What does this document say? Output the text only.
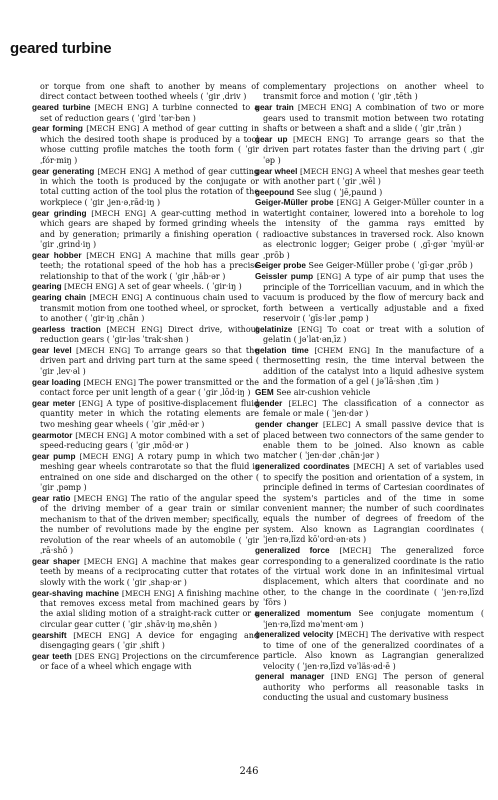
geared turbine
or torque from one shaft to another by means of direct contact between toothed wheels ( ˈgir ˌdriv )
geared turbine [MECH ENG] A turbine connected to a set of reduction gears ( ˈgird ˈtər·bən )
gear forming [MECH ENG] A method of gear cutting in which the desired tooth shape is produced by a tool whose cutting profile matches the tooth form ( ˈgir ˌfór·miŋ )
gear generating [MECH ENG] A method of gear cutting in which the tooth is produced by the conjugate or total cutting action of the tool plus the rotation of the workpiece ( ˈgir ˌjen·əˌrād·iŋ )
gear grinding [MECH ENG] A gear-cutting method in which gears are shaped by formed grinding wheels and by generation; primarily a finishing operation ( ˈgir ˌgrind·iŋ )
gear hobber [MECH ENG] A machine that mills gear teeth; the rotational speed of the hob has a precise relationship to that of the work ( ˈgir ˌhäb·ər )
gearing [MECH ENG] A set of gear wheels. ( ˈgir·iŋ )
gearing chain [MECH ENG] A continuous chain used to transmit motion from one toothed wheel, or sprocket, to another ( ˈgir·iŋ ˌchān )
gearless traction [MECH ENG] Direct drive, without reduction gears ( ˈgir·ləs ˈtrak·shən )
gear level [MECH ENG] To arrange gears so that the driven part and driving part turn at the same speed ( ˈgir ˌlev·əl )
gear loading [MECH ENG] The power transmitted or the contact force per unit length of a gear ( ˈgir ˌlōd·iŋ )
gear meter [ENG] A type of positive-displacement fluid quantity meter in which the rotating elements are two meshing gear wheels ( ˈgir ˌmēd·ər )
gearmotor [MECH ENG] A motor combined with a set of speed-reducing gears ( ˈgir ˌmōd·ər )
gear pump [MECH ENG] A rotary pump in which two meshing gear wheels contrarotate so that the fluid is entrained on one side and discharged on the other ( ˈgir ˌpəmp )
gear ratio [MECH ENG] The ratio of the angular speed of the driving member of a gear train or similar mechanism to that of the driven member; specifically, the number of revolutions made by the engine per revolution of the rear wheels of an automobile ( ˈgir ˌrā·shō )
gear shaper [MECH ENG] A machine that makes gear teeth by means of a reciprocating cutter that rotates slowly with the work ( ˈgir ˌshap·ər )
gear-shaving machine [MECH ENG] A finishing machine that removes excess metal from machined gears by the axial sliding motion of a straight-rack cutter or a circular gear cutter ( ˈgir ˌshāv·iŋ məˌshēn )
gearshift [MECH ENG] A device for engaging and disengaging gears ( ˈgir ˌshift )
gear teeth [DES ENG] Projections on the circumference or face of a wheel which engage with
complementary projections on another wheel to transmit force and motion ( ˈgir ˌtēth )
gear train [MECH ENG] A combination of two or more gears used to transmit motion between two rotating shafts or between a shaft and a slide ( ˈgir ˌtrān )
gear up [MECH ENG] To arrange gears so that the driven part rotates faster than the driving part ( ˌgir ˈəp )
gear wheel [MECH ENG] A wheel that meshes gear teeth with another part ( ˈgir ˌwēl )
geepound See slug ( ˈjē,paund )
Geiger-Müller probe [ENG] A Geiger-Müller counter in a watertight container, lowered into a borehole to log the intensity of the gamma rays emitted by radioactive substances in traversed rock. Also known as electronic logger; Geiger probe ( ˌgī·gər ˈmyül·ər ˌprōb )
Geiger probe See Geiger-Müller probe ( ˈgī·gər ˌprōb )
Geissler pump [ENG] A type of air pump that uses the principle of the Torricellian vacuum, and in which the vacuum is produced by the flow of mercury back and forth between a vertically adjustable and a fixed reservoir ( ˈgīs·lər ˌpəmp )
gelatinize [ENG] To coat or treat with a solution of gelatin ( jəˈlat·ənˌīz )
gelation time [CHEM ENG] In the manufacture of a thermosetting resin, the time interval between the addition of the catalyst into a liquid adhesive system and the formation of a gel ( jəˈlā·shən ˌtīm )
GEM See air-cushion vehicle
gender [ELEC] The classification of a connector as female or male ( ˈjen·dər )
gender changer [ELEC] A small passive device that is placed between two connectors of the same gender to enable them to be joined. Also known as cable matcher ( ˈjen·dər ˌchān·jər )
generalized coordinates [MECH] A set of variables used to specify the position and orientation of a system, in principle defined in terms of Cartesian coordinates of the system's particles and of the time in some convenient manner; the number of such coordinates equals the number of degrees of freedom of the system. Also known as Lagrangian coordinates ( ˈjen·rəˌlīzd kōˈord·ən·əts )
generalized force [MECH] The generalized force corresponding to a generalized coordinate is the ratio of the virtual work done in an infinitesimal virtual displacement, which alters that coordinate and no other, to the change in the coordinate ( ˈjen·rəˌlīzd ˈfōrs )
generalized momentum See conjugate momentum ( ˈjen·rəˌlīzd məˈment·əm )
generalized velocity [MECH] The derivative with respect to time of one of the generalized coordinates of a particle. Also known as Lagrangian generalized velocity ( ˈjen·rəˌlīzd vəˈläs·əd·ē )
general manager [IND ENG] The person of general authority who performs all reasonable tasks in conducting the usual and customary business
246
